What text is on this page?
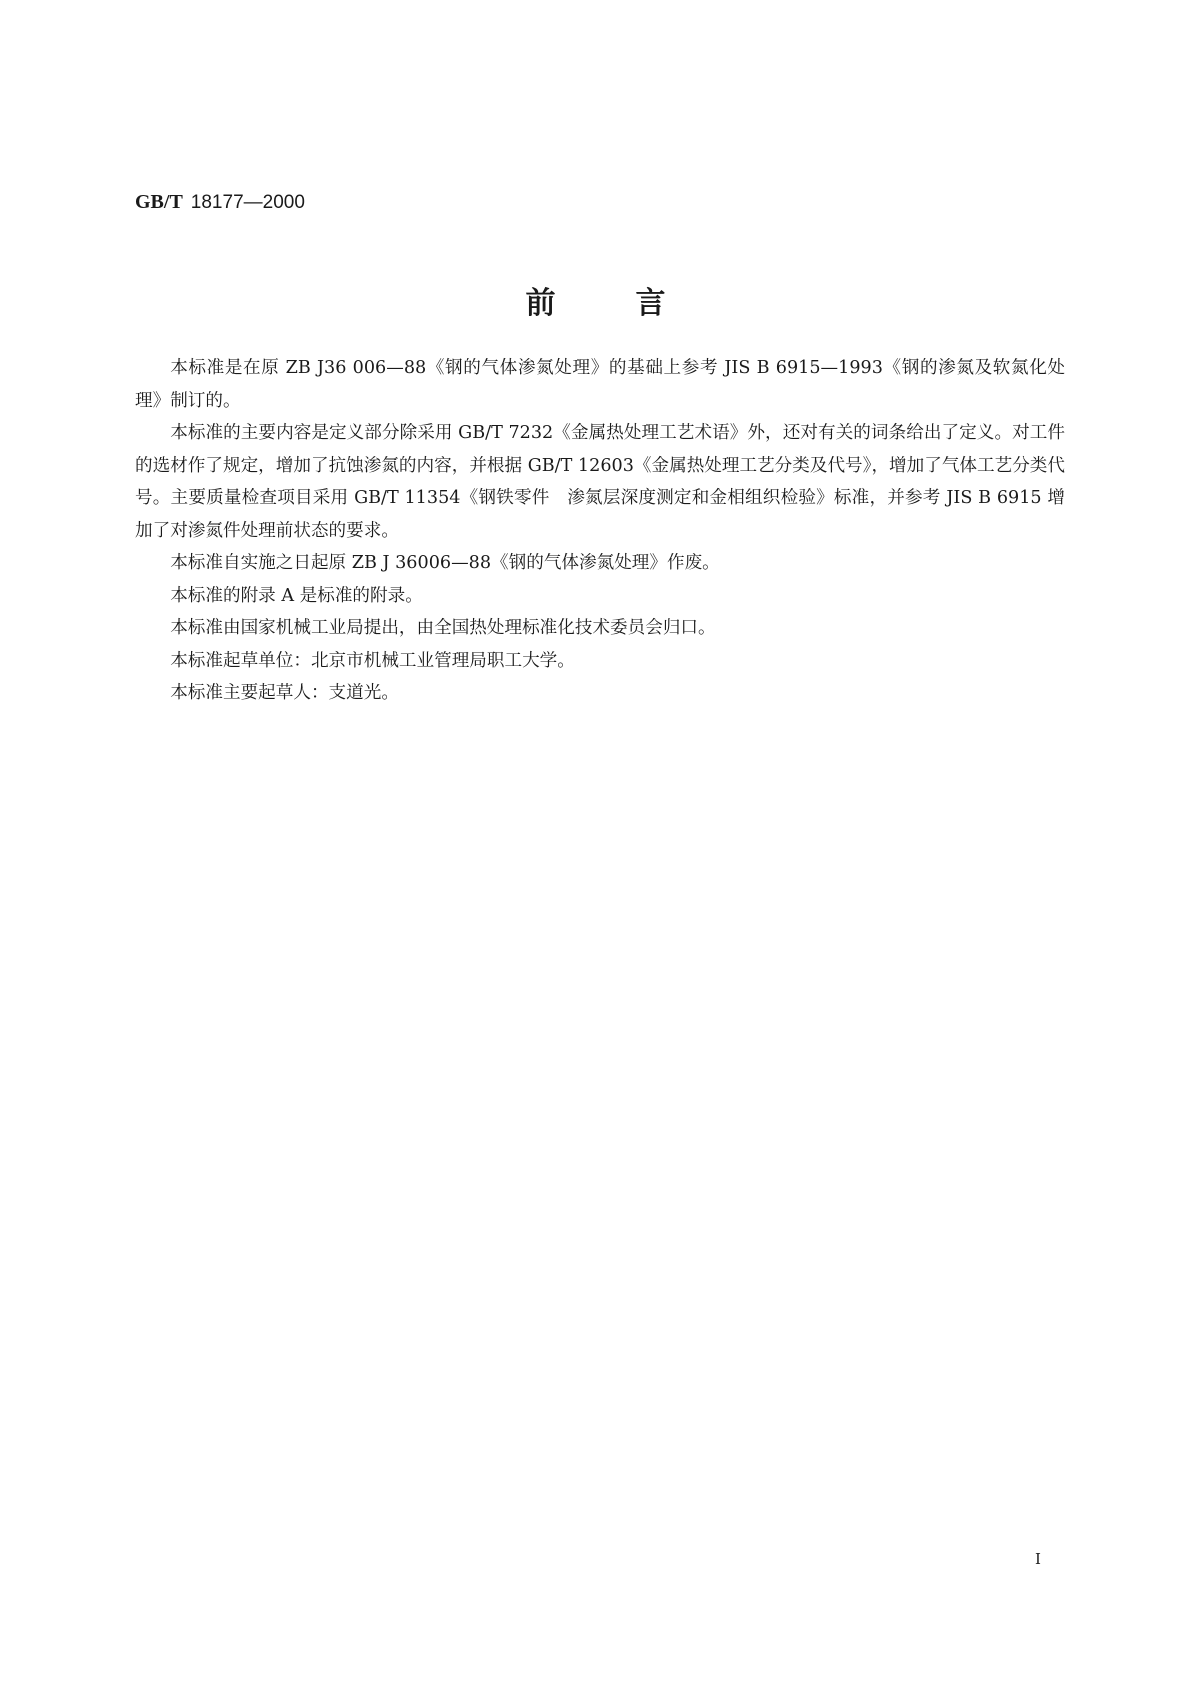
GB/T 18177—2000
前言

本标准是在原 ZB J36 006—88《钢的气体渗氮处理》的基础上参考 JIS B 6915—1993《钢的渗氮及软氮化处理》制订的。

本标准的主要内容是定义部分除采用 GB/T 7232《金属热处理工艺术语》外，还对有关的词条给出了定义。对工件的选材作了规定，增加了抗蚀渗氮的内容，并根据 GB/T 12603《金属热处理工艺分类及代号》，增加了气体工艺分类代号。主要质量检查项目采用 GB/T 11354《钢铁零件　渗氮层深度测定和金相组织检验》标准，并参考 JIS B 6915 增加了对渗氮件处理前状态的要求。

本标准自实施之日起原 ZB J 36006—88《钢的气体渗氮处理》作废。

本标准的附录 A 是标准的附录。

本标准由国家机械工业局提出，由全国热处理标准化技术委员会归口。

本标准起草单位：北京市机械工业管理局职工大学。

本标准主要起草人：支道光。

I
